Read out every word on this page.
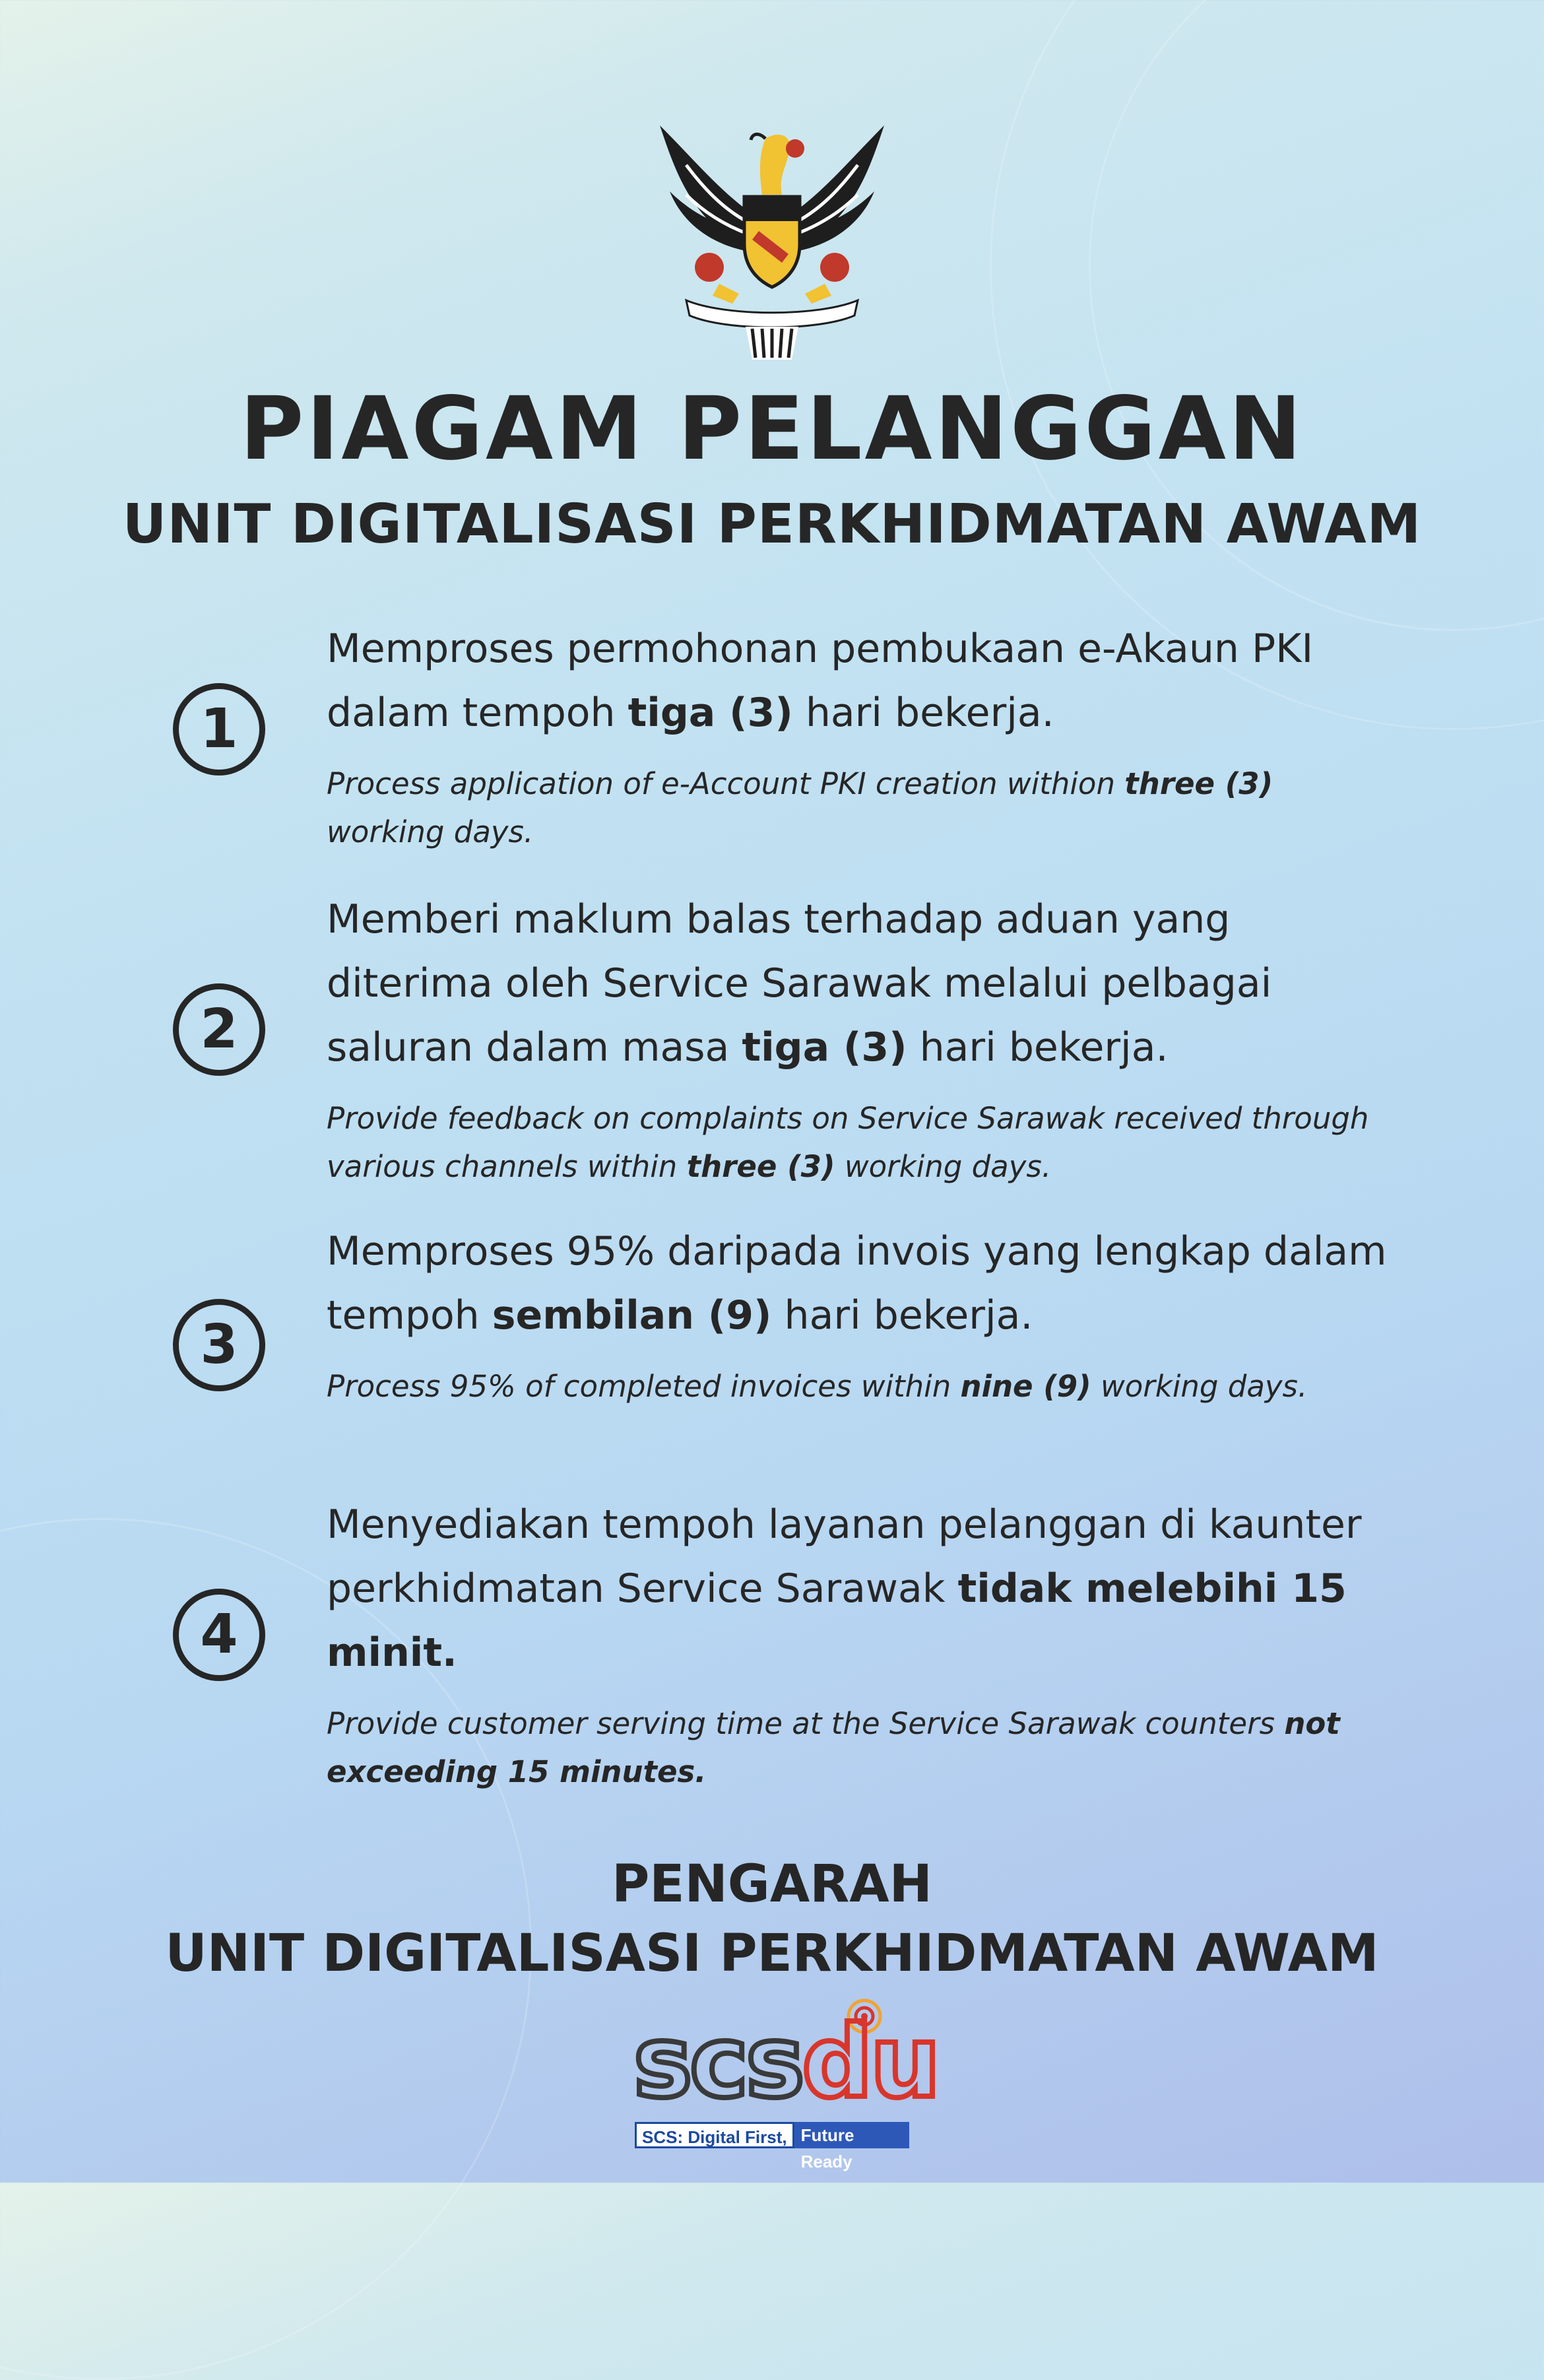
PIAGAM PELANGGAN
UNIT DIGITALISASI PERKHIDMATAN AWAM
1
Memproses permohonan pembukaan e-Akaun PKI dalam tempoh tiga (3) hari bekerja.
Process application of e-Account PKI creation withion three (3) working days.
2
Memberi maklum balas terhadap aduan yang diterima oleh Service Sarawak melalui pelbagai saluran dalam masa tiga (3) hari bekerja.
Provide feedback on complaints on Service Sarawak received through various channels within three (3) working days.
3
Memproses 95% daripada invois yang lengkap dalam tempoh sembilan (9) hari bekerja.
Process 95% of completed invoices within nine (9) working days.
4
Menyediakan tempoh layanan pelanggan di kaunter perkhidmatan Service Sarawak tidak melebihi 15 minit.
Provide customer serving time at the Service Sarawak counters not exceeding 15 minutes.
PENGARAH
UNIT DIGITALISASI PERKHIDMATAN AWAM
scsdu
SCS: Digital First, Future Ready
